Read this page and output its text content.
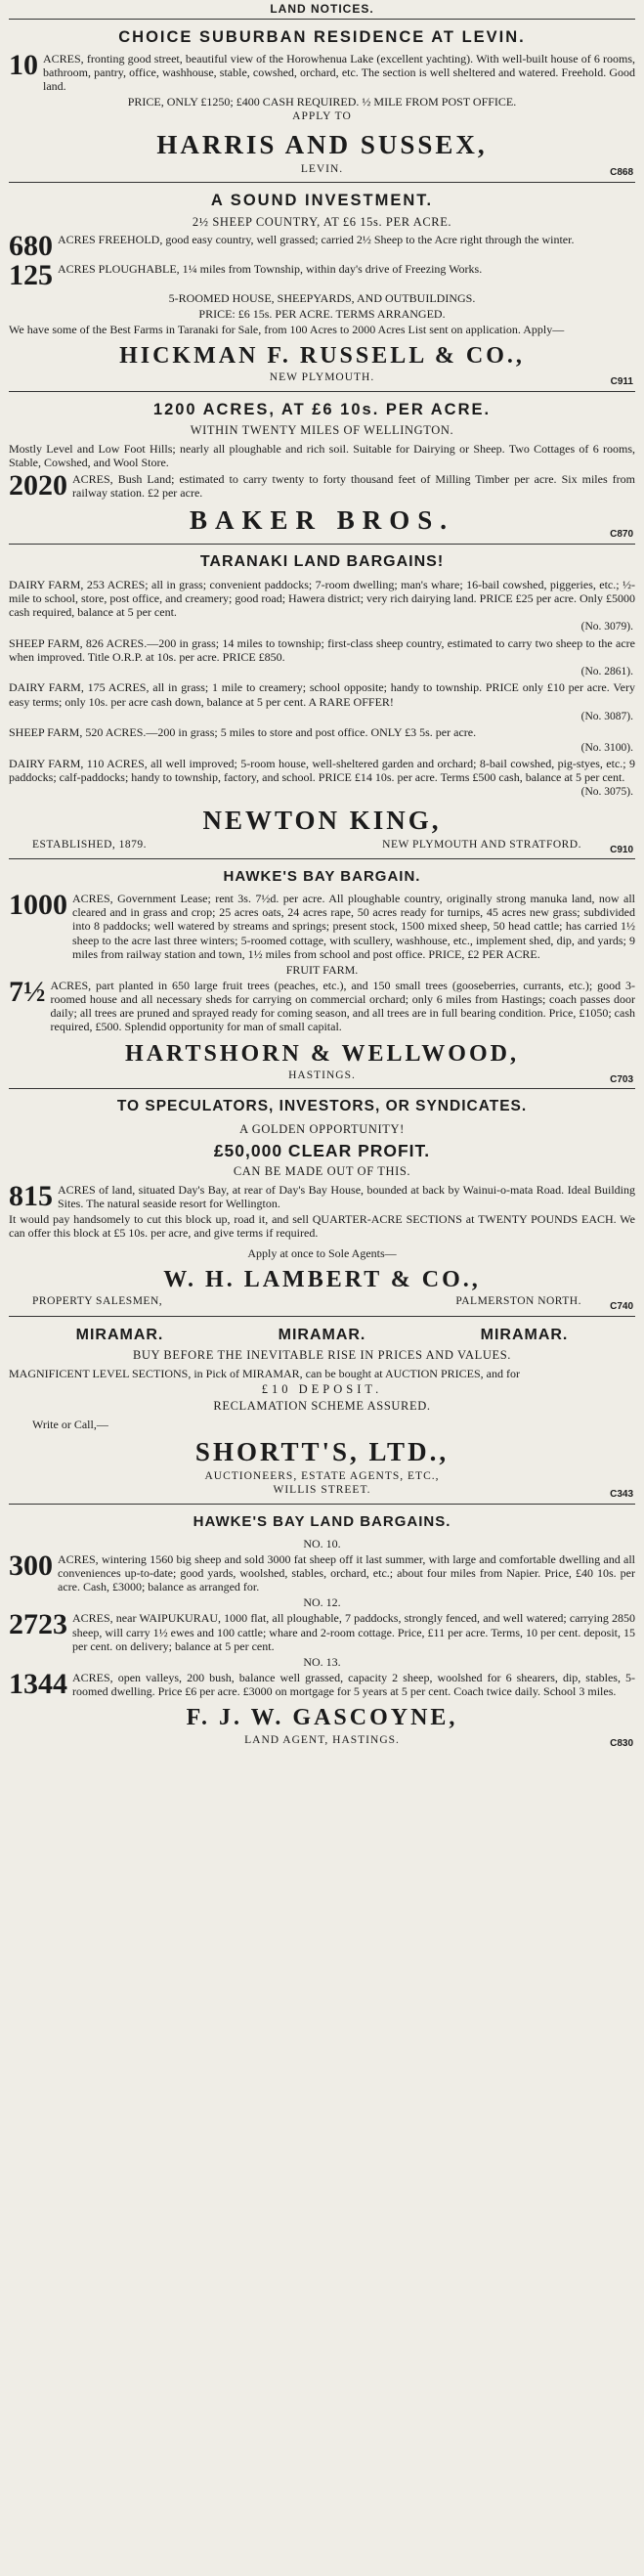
LAND NOTICES.
CHOICE SUBURBAN RESIDENCE AT LEVIN.
10 ACRES, fronting good street, beautiful view of the Horowhenua Lake (excellent yachting). With well-built house of 6 rooms, bathroom, pantry, office, washhouse, stable, cowshed, orchard, etc. The section is well sheltered and watered. Freehold. Good land.
PRICE, ONLY £1250; £400 CASH REQUIRED. ½ MILE FROM POST OFFICE.
APPLY TO
HARRIS AND SUSSEX,
LEVIN.	C868
A SOUND INVESTMENT.
2½ SHEEP COUNTRY, AT £6 15s. PER ACRE.
680 ACRES FREEHOLD, good easy country, well grassed; carried 2½ Sheep to the Acre right through the winter.
125 ACRES PLOUGHABLE, 1¼ miles from Township, within day's drive of Freezing Works.
5-ROOMED HOUSE, SHEEPYARDS, AND OUTBUILDINGS.
PRICE: £6 15s. PER ACRE. TERMS ARRANGED.
We have some of the Best Farms in Taranaki for Sale, from 100 Acres to 2000 Acres List sent on application. Apply—
HICKMAN F. RUSSELL & CO.,
NEW PLYMOUTH.	C911
1200 ACRES, AT £6 10s. PER ACRE.
WITHIN TWENTY MILES OF WELLINGTON.
Mostly Level and Low Foot Hills; nearly all ploughable and rich soil. Suitable for Dairying or Sheep. Two Cottages of 6 rooms, Stable, Cowshed, and Wool Store.
2020 ACRES, Bush Land; estimated to carry twenty to forty thousand feet of Milling Timber per acre. Six miles from railway station. £2 per acre.
BAKER BROS.	C870
TARANAKI LAND BARGAINS!
DAIRY FARM, 253 ACRES; all in grass; convenient paddocks; 7-room dwelling; man's whare; 16-bail cowshed, piggeries, etc.; ½-mile to school, store, post office, and creamery; good road; Hawera district; very rich dairying land. PRICE £25 per acre. Only £5000 cash required, balance at 5 per cent.
(No. 3079).
SHEEP FARM, 826 ACRES.—200 in grass; 14 miles to township; first-class sheep country, estimated to carry two sheep to the acre when improved. Title O.R.P. at 10s. per acre. PRICE £850.
(No. 2861).
DAIRY FARM, 175 ACRES, all in grass; 1 mile to creamery; school opposite; handy to township. PRICE only £10 per acre. Very easy terms; only 10s. per acre cash down, balance at 5 per cent. A RARE OFFER!
(No. 3087).
SHEEP FARM, 520 ACRES.—200 in grass; 5 miles to store and post office. ONLY £3 5s. per acre.
(No. 3100).
DAIRY FARM, 110 ACRES, all well improved; 5-room house, well-sheltered garden and orchard; 8-bail cowshed, pig-styes, etc.; 9 paddocks; calf-paddocks; handy to township, factory, and school. PRICE £14 10s. per acre. Terms £500 cash, balance at 5 per cent.
(No. 3075).
NEWTON KING,
ESTABLISHED, 1879.	NEW PLYMOUTH AND STRATFORD.	C910
HAWKE'S BAY BARGAIN.
1000 ACRES, Government Lease; rent 3s. 7½d. per acre. All ploughable country, originally strong manuka land, now all cleared and in grass and crop; 25 acres oats, 24 acres rape, 50 acres ready for turnips, 45 acres new grass; subdivided into 8 paddocks; well watered by streams and springs; present stock, 1500 mixed sheep, 50 head cattle; has carried 1½ sheep to the acre last three winters; 5-roomed cottage, with scullery, washhouse, etc., implement shed, dip, and yards; 9 miles from railway station and town, 1½ miles from school and post office. PRICE, £2 PER ACRE.
FRUIT FARM.
7½ ACRES, part planted in 650 large fruit trees (peaches, etc.), and 150 small trees (gooseberries, currants, etc.); good 3-roomed house and all necessary sheds for carrying on commercial orchard; only 6 miles from Hastings; coach passes door daily; all trees are pruned and sprayed ready for coming season, and all trees are in full bearing condition. Price, £1050; cash required, £500. Splendid opportunity for man of small capital.
HARTSHORN & WELLWOOD,
HASTINGS.	C703
TO SPECULATORS, INVESTORS, OR SYNDICATES.
A GOLDEN OPPORTUNITY!
£50,000 CLEAR PROFIT.
CAN BE MADE OUT OF THIS.
815 ACRES of land, situated Day's Bay, at rear of Day's Bay House, bounded at back by Wainui-o-mata Road. Ideal Building Sites. The natural seaside resort for Wellington.
It would pay handsomely to cut this block up, road it, and sell QUARTER-ACRE SECTIONS at TWENTY POUNDS EACH. We can offer this block at £5 10s. per acre, and give terms if required.
Apply at once to Sole Agents—
W. H. LAMBERT & CO.,
PROPERTY SALESMEN,	PALMERSTON NORTH.	C740
MIRAMAR.	MIRAMAR.	MIRAMAR.
BUY BEFORE THE INEVITABLE RISE IN PRICES AND VALUES.
MAGNIFICENT LEVEL SECTIONS, in Pick of MIRAMAR, can be bought at AUCTION PRICES, and for
£10 DEPOSIT.
RECLAMATION SCHEME ASSURED.
Write or Call,—
SHORTT'S, LTD.,
AUCTIONEERS, ESTATE AGENTS, ETC.,
WILLIS STREET.	C343
HAWKE'S BAY LAND BARGAINS.
NO. 10.
300 ACRES, wintering 1560 big sheep and sold 3000 fat sheep off it last summer, with large and comfortable dwelling and all conveniences up-to-date; good yards, woolshed, stables, orchard, etc.; about four miles from Napier. Price, £40 10s. per acre. Cash, £3000; balance as arranged for.
NO. 12.
2723 ACRES, near WAIPUKURAU, 1000 flat, all ploughable, 7 paddocks, strongly fenced, and well watered; carrying 2850 sheep, will carry 1½ ewes and 100 cattle; whare and 2-room cottage. Price, £11 per acre. Terms, 10 per cent. deposit, 15 per cent. on delivery; balance at 5 per cent.
NO. 13.
1344 ACRES, open valleys, 200 bush, balance well grassed, capacity 2 sheep, woolshed for 6 shearers, dip, stables, 5-roomed dwelling. Price £6 per acre. £3000 on mortgage for 5 years at 5 per cent. Coach twice daily. School 3 miles.
F. J. W. GASCOYNE,
LAND AGENT, HASTINGS.	C830
